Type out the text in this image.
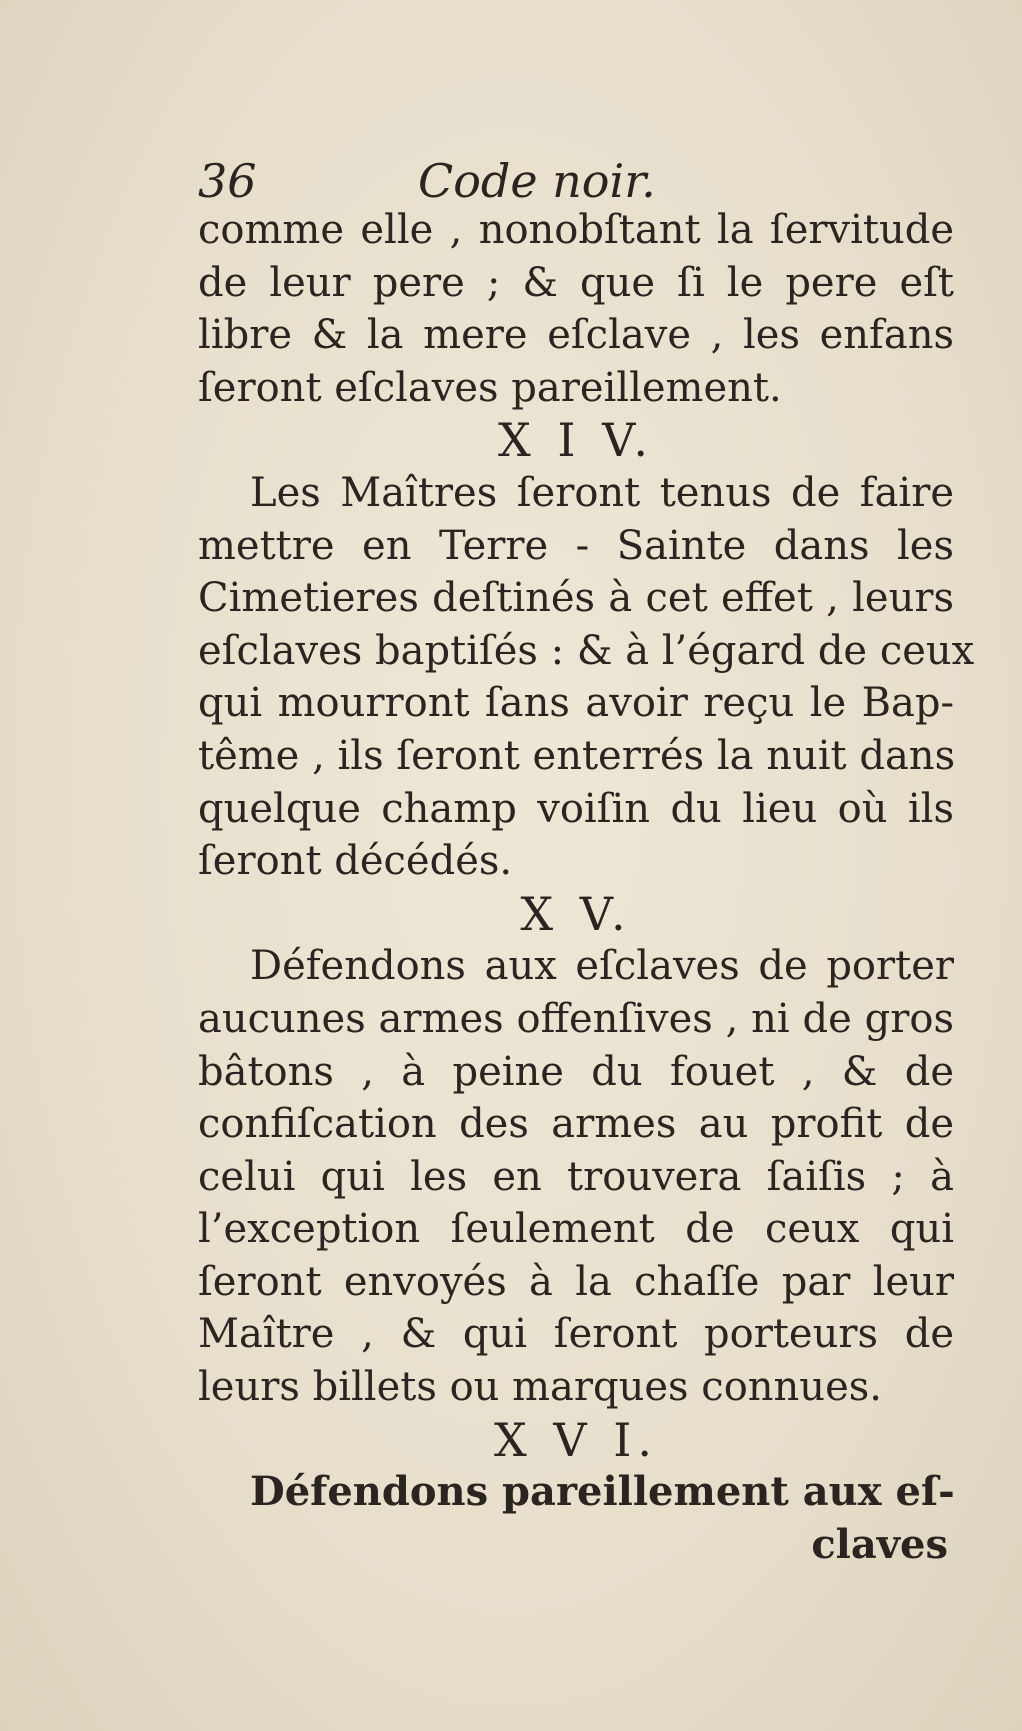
36	Code noir.
comme elle , nonobſtant la ſervitude
de leur pere ; & que ſi le pere eſt
libre & la mere eſclave , les enfans
ſeront eſclaves pareillement.
X I V.
Les Maîtres ſeront tenus de faire
mettre en Terre - Sainte dans les
Cimetieres deſtinés à cet effet , leurs
eſclaves baptiſés : & à l’égard de ceux
qui mourront ſans avoir reçu le Bap-
tême , ils ſeront enterrés la nuit dans
quelque champ voiſin du lieu où ils
ſeront décédés.
X V.
Défendons aux eſclaves de porter
aucunes armes offenſives , ni de gros
bâtons , à peine du fouet , & de
confiſcation des armes au profit de
celui qui les en trouvera ſaiſis ; à
l’exception ſeulement de ceux qui
ſeront envoyés à la chaſſe par leur
Maître , & qui ſeront porteurs de
leurs billets ou marques connues.
X V I.
Défendons pareillement aux eſ-
claves
